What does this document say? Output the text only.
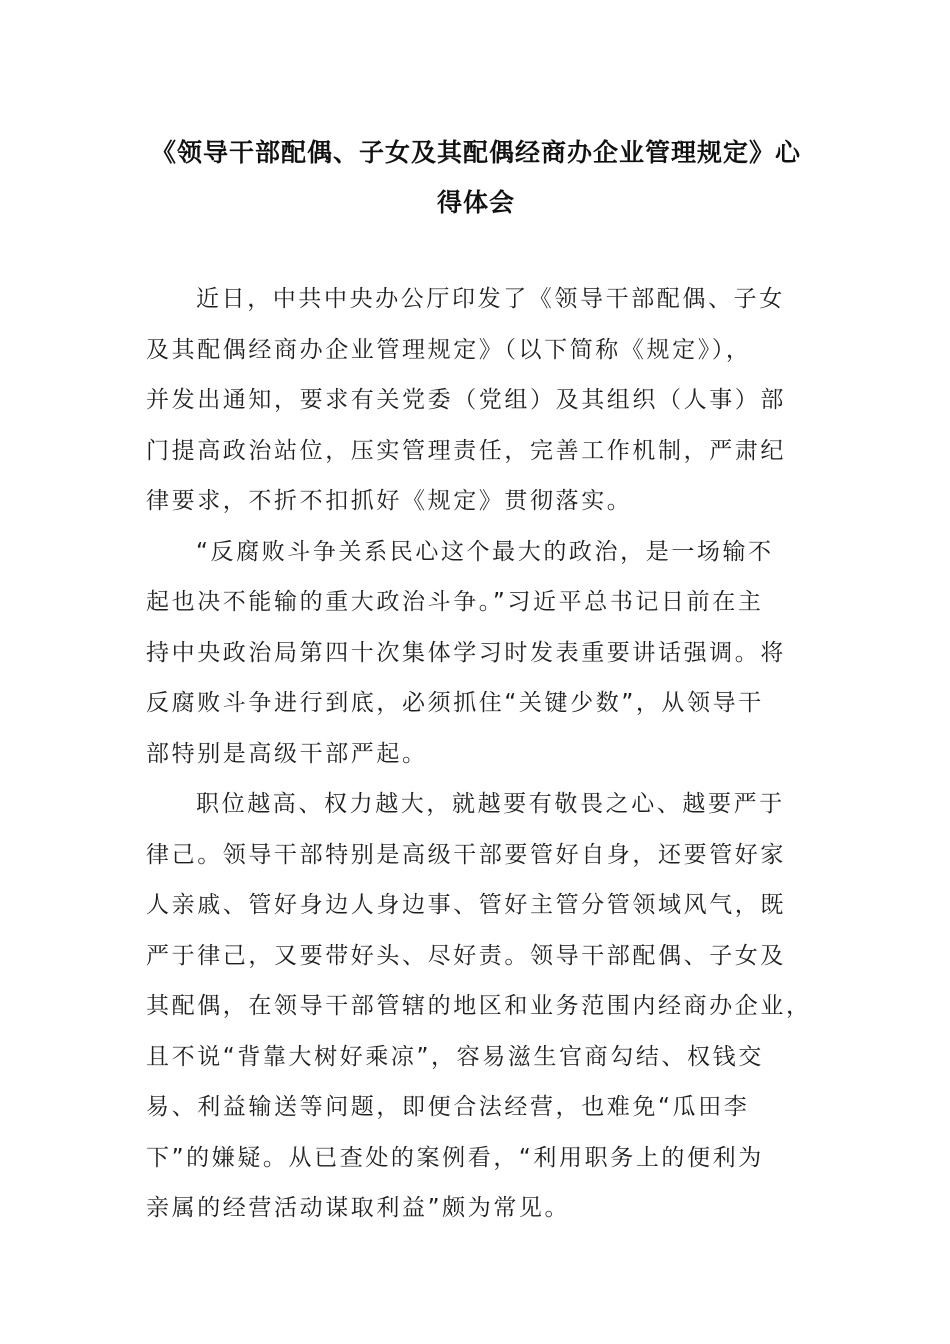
《领导干部配偶、子女及其配偶经商办企业管理规定》心
得体会

近日，中共中央办公厅印发了《领导干部配偶、子女
及其配偶经商办企业管理规定》（以下简称《规定》），
并发出通知，要求有关党委（党组）及其组织（人事）部
门提高政治站位，压实管理责任，完善工作机制，严肃纪
律要求，不折不扣抓好《规定》贯彻落实。

“反腐败斗争关系民心这个最大的政治，是一场输不
起也决不能输的重大政治斗争。”习近平总书记日前在主
持中央政治局第四十次集体学习时发表重要讲话强调。将
反腐败斗争进行到底，必须抓住“关键少数”，从领导干
部特别是高级干部严起。

职位越高、权力越大，就越要有敬畏之心、越要严于
律己。领导干部特别是高级干部要管好自身，还要管好家
人亲戚、管好身边人身边事、管好主管分管领域风气，既
严于律己，又要带好头、尽好责。领导干部配偶、子女及
其配偶，在领导干部管辖的地区和业务范围内经商办企业，
且不说“背靠大树好乘凉”，容易滋生官商勾结、权钱交
易、利益输送等问题，即便合法经营，也难免“瓜田李
下”的嫌疑。从已查处的案例看，“利用职务上的便利为
亲属的经营活动谋取利益”颇为常见。
